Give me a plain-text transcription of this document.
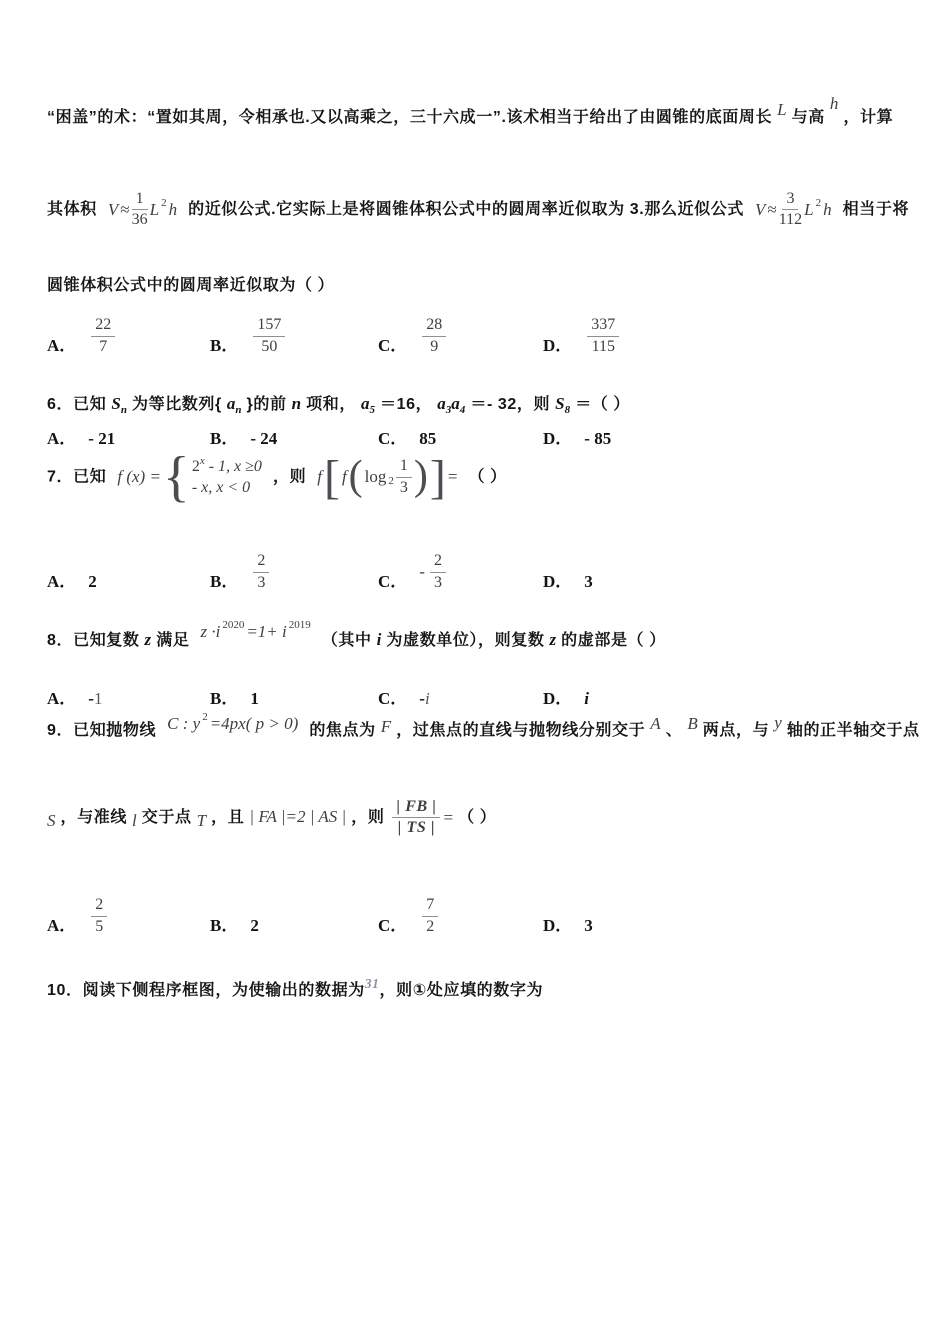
“困盖”的术：“置如其周，令相承也.又以高乘之，三十六成一”.该术相当于给出了由圆锥的底面周长 L 与高 h ，计算
其体积 $V \approx \frac{1}{36}$ L 2 h 的近似公式.它实际上是将圆锥体积公式中的圆周率近似取为 3.那么近似公式 $V \approx \frac{3}{112}$ L 2 h 相当于将
圆锥体积公式中的圆周率近似取为（ ）
A． $\frac{22}{7}$	B． $\frac{157}{50}$	C． $\frac{28}{9}$	D． $\frac{337}{115}$
6．已知 $S_n$ 为等比数列{ $a_n$ }的前 n 项和， $a_5 =16$， $a_3a_4 =- 32$，则 $S_8$ ＝（ ）
A． - 21	B． - 24	C． 85	D． - 85
7．已知 f (x) = { 2$^x$ - 1, x ≥0
- x, x < 0
，则 f [ f ( $\log 2 \frac{1}{3}$ ) ] = （ ）
A． 2	B． $\frac{2}{3}$	C．
- $\frac{2}{3}$	D． 3
8．已知复数 z 满足 z ·i 2020 =1+ i 2019
（其中 i 为虚数单位），则复数 z 的虚部是（ ）
A． - 1	B． 1	C． - i	D． i
9．已知抛物线 C : y 2 =4px( p > 0) 的焦点为 F ，过焦点的直线与抛物线分别交于 A 、 B 两点，与 y 轴的正半轴交于点
S ，与准线 l 交于点 T ，且 | FA |=2 | AS | ，则 $\frac{| FB |}{| TS |}$ = （ ）
A． $\frac{2}{5}$	B． 2	C． $\frac{7}{2}$	D． 3
10．阅读下侧程序框图，为使输出的数据为$^{31}$，则①处应填的数字为
